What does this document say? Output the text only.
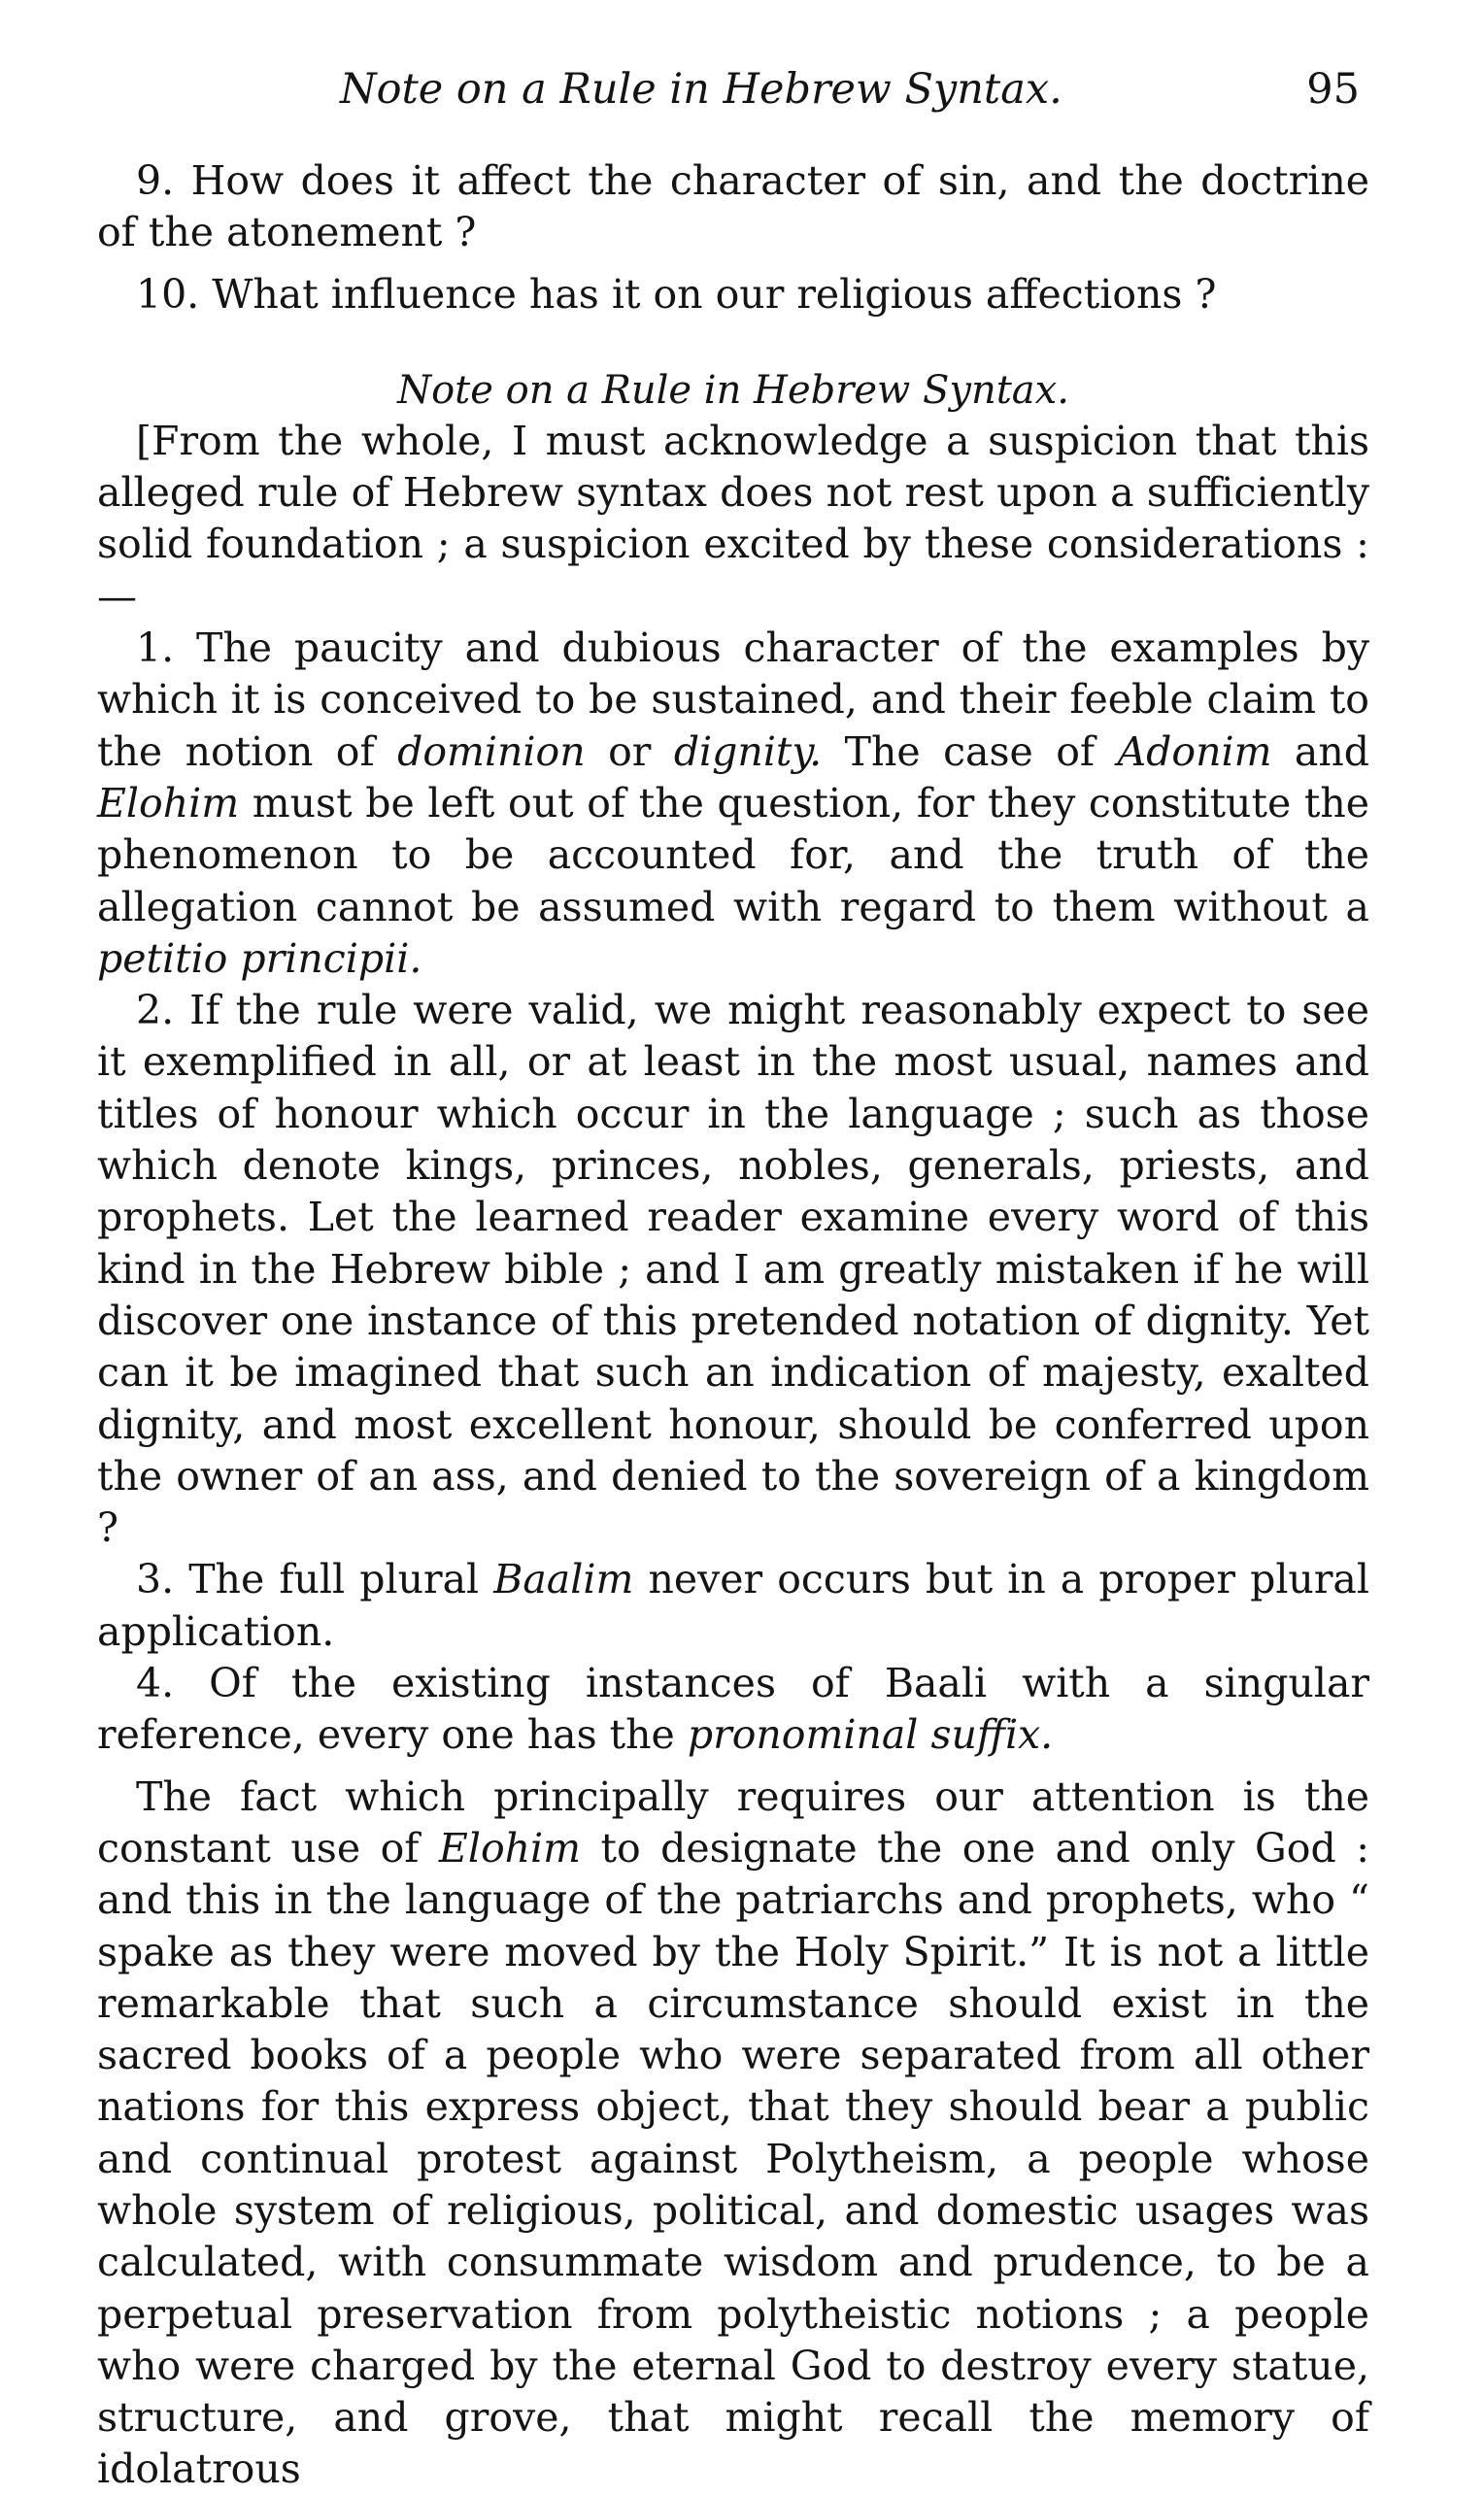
Note on a Rule in Hebrew Syntax.	95

9. How does it affect the character of sin, and the doctrine of the atonement ?

10. What influence has it on our religious affections ?

Note on a Rule in Hebrew Syntax.

[From the whole, I must acknowledge a suspicion that this alleged rule of Hebrew syntax does not rest upon a sufficiently solid foundation ; a suspicion excited by these considerations :—

1. The paucity and dubious character of the examples by which it is conceived to be sustained, and their feeble claim to the notion of dominion or dignity. The case of Adonim and Elohim must be left out of the question, for they constitute the phenomenon to be accounted for, and the truth of the allegation cannot be assumed with regard to them without a petitio principii.

2. If the rule were valid, we might reasonably expect to see it exemplified in all, or at least in the most usual, names and titles of honour which occur in the language ; such as those which denote kings, princes, nobles, generals, priests, and prophets. Let the learned reader examine every word of this kind in the Hebrew bible ; and I am greatly mistaken if he will discover one instance of this pretended notation of dignity. Yet can it be imagined that such an indication of majesty, exalted dignity, and most excellent honour, should be conferred upon the owner of an ass, and denied to the sovereign of a kingdom ?

3. The full plural Baalim never occurs but in a proper plural application.

4. Of the existing instances of Baali with a singular reference, every one has the pronominal suffix.

The fact which principally requires our attention is the constant use of Elohim to designate the one and only God : and this in the language of the patriarchs and prophets, who “ spake as they were moved by the Holy Spirit.” It is not a little remarkable that such a circumstance should exist in the sacred books of a people who were separated from all other nations for this express object, that they should bear a public and continual protest against Polytheism, a people whose whole system of religious, political, and domestic usages was calculated, with consummate wisdom and prudence, to be a perpetual preservation from polytheistic notions ; a people who were charged by the eternal God to destroy every statue, structure, and grove, that might recall the memory of idolatrous
